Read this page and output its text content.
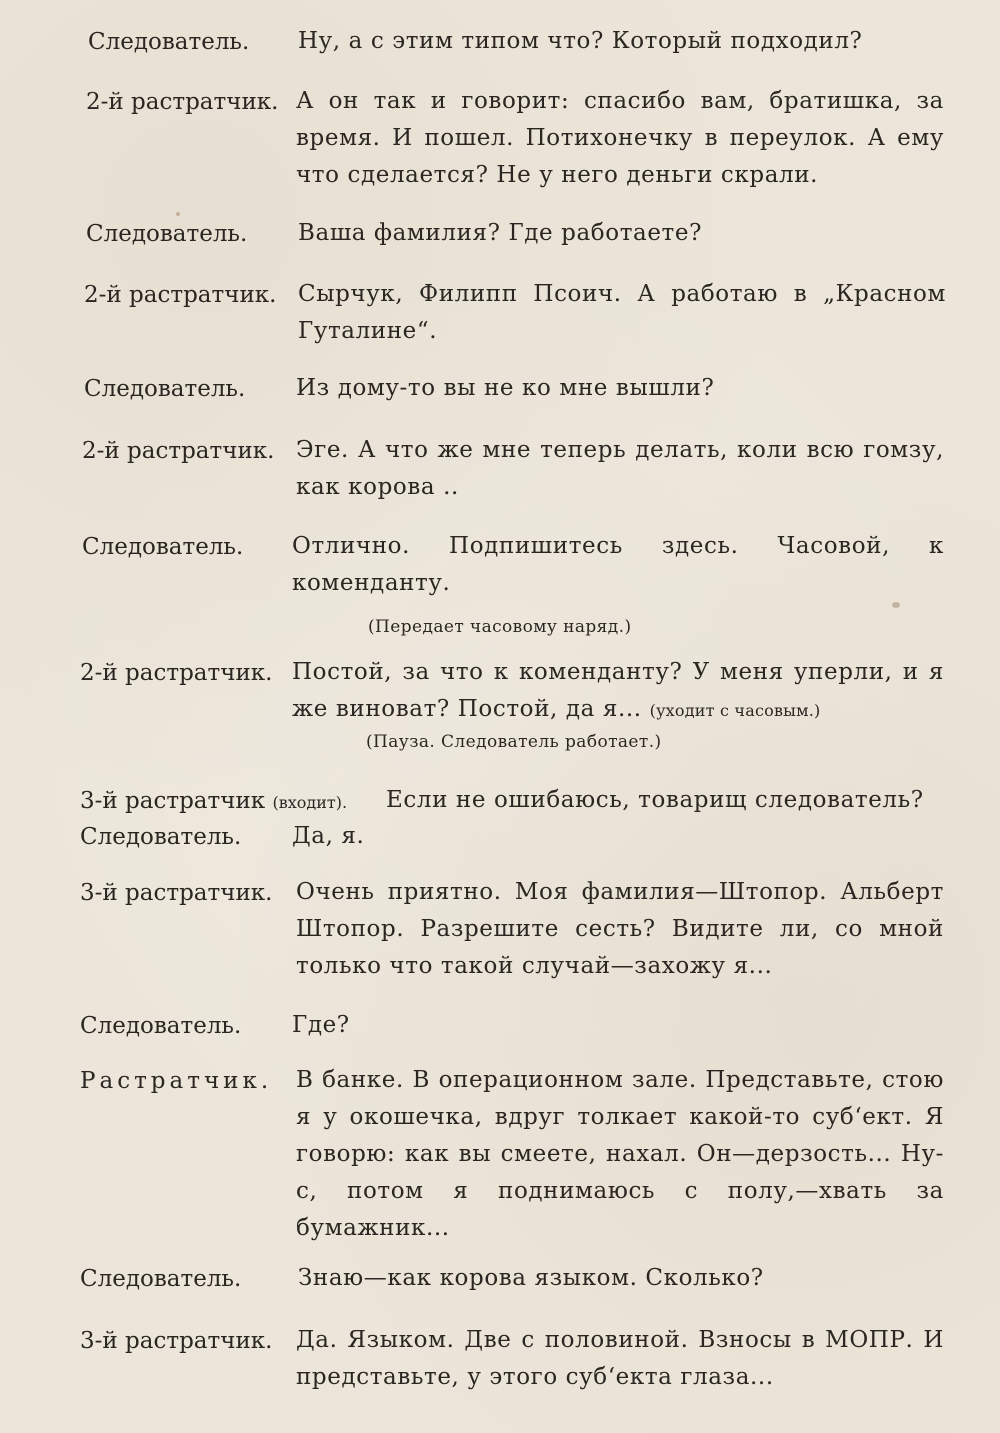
Следователь. Ну, а с этим типом что? Который подходил?
2-й растратчик. А он так и говорит: спасибо вам, братишка, за время. И пошел. Потихонечку в переулок. А ему что сделается? Не у него деньги скрали.
Следователь. Ваша фамилия? Где работаете?
2-й растратчик. Сырчук, Филипп Псоич. А работаю в „Красном Гуталине“.
Следователь. Из дому-то вы не ко мне вышли?
2-й растратчик. Эге. А что же мне теперь делать, коли всю гомзу, как корова ..
Следователь. Отлично. Подпишитесь здесь. Часовой, к коменданту.
(Передает часовому наряд.)
2-й растратчик. Постой, за что к коменданту? У меня уперли, и я же виноват? Постой, да я... (уходит с часовым.)
(Пауза. Следователь работает.)
3-й растратчик (входит). Если не ошибаюсь, товарищ следователь?
Следователь. Да, я.
3-й растратчик. Очень приятно. Моя фамилия—Штопор. Альберт Штопор. Разрешите сесть? Видите ли, со мной только что такой случай—захожу я...
Следователь. Где?
Растратчик. В банке. В операционном зале. Представьте, стою я у окошечка, вдруг толкает какой-то суб‘ект. Я говорю: как вы смеете, нахал. Он—дерзость... Ну-с, потом я поднимаюсь с полу,—хвать за бумажник...
Следователь. Знаю—как корова языком. Сколько?
3-й растратчик. Да. Языком. Две с половиной. Взносы в МОПР. И представьте, у этого суб‘екта глаза...
